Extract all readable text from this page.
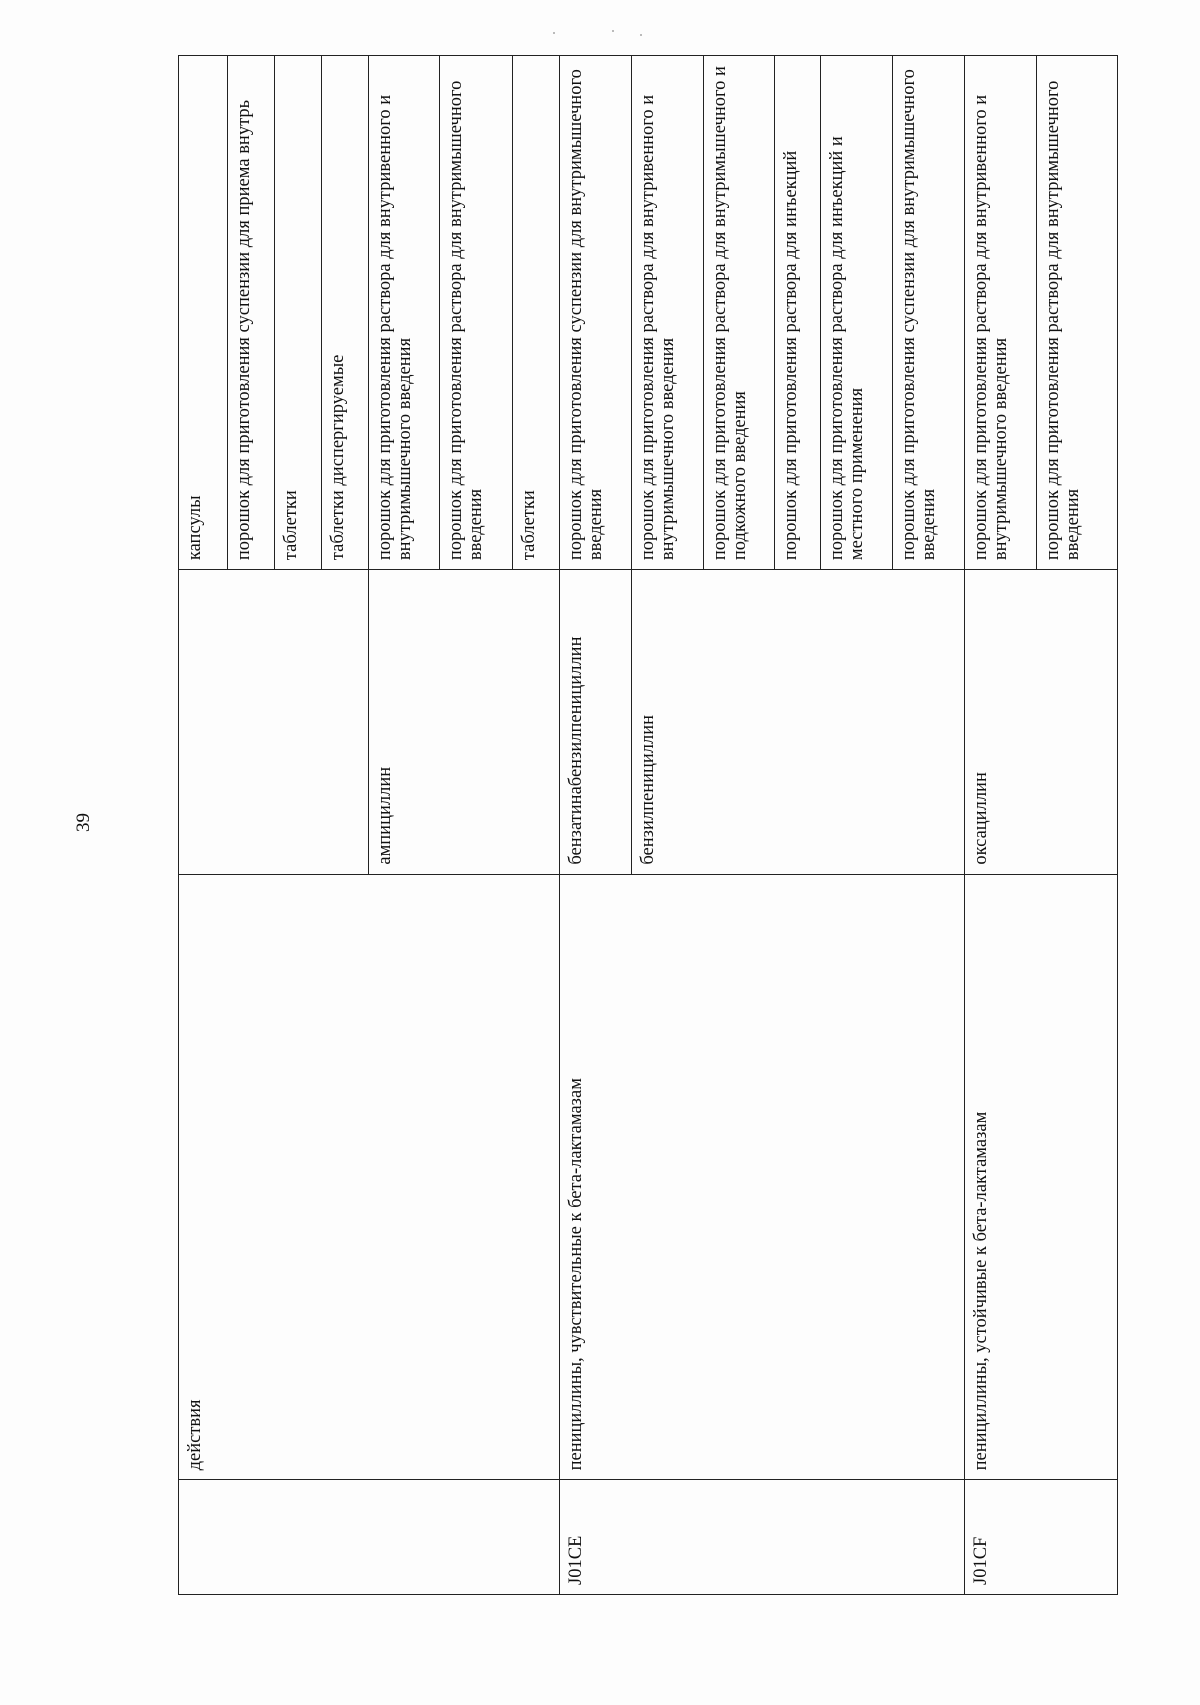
39
	действия		капсулы
			порошок для приготовления суспензии для приема внутрь
			таблетки
			таблетки диспергируемые
		ампициллин	порошок для приготовления раствора для внутривенного и внутримышечного введения
			порошок для приготовления раствора для внутримышечного введения
			таблетки
J01CE	пенициллины, чувствительные к бета-лактамазам	бензатинабензилпенициллин	порошок для приготовления суспензии для внутримышечного введения
		бензилпенициллин	порошок для приготовления раствора для внутривенного и внутримышечного введения
			порошок для приготовления раствора для внутримышечного и подкожного введения
			порошок для приготовления раствора для инъекций
			порошок для приготовления раствора для инъекций и местного применения
			порошок для приготовления суспензии для внутримышечного введения
J01CF	пенициллины, устойчивые к бета-лактамазам	оксациллин	порошок для приготовления раствора для внутривенного и внутримышечного введения
			порошок для приготовления раствора для внутримышечного введения
